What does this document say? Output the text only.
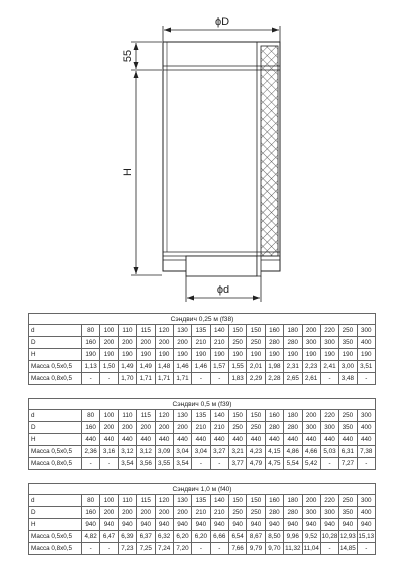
ϕD
55
H
ϕd
Сэндвич 0,25 м (f38)
d	80	100	110	115	120	130	135	140	150	150	160	180	200	220	250	300
D	160	200	200	200	200	200	210	210	250	250	280	280	300	300	350	400
H	190	190	190	190	190	190	190	190	190	190	190	190	190	190	190	190
Масса 0,5х0,5	1,13	1,50	1,49	1,49	1,48	1,46	1,46	1,57	1,55	2,01	1,98	2,31	2,23	2,41	3,00	3,51
Масса 0,8х0,5	-	-	1,70	1,71	1,71	1,71	-	-	1,83	2,29	2,28	2,65	2,61	-	3,48	-
Сэндвич 0,5 м (f39)
d	80	100	110	115	120	130	135	140	150	150	160	180	200	220	250	300
D	160	200	200	200	200	200	210	210	250	250	280	280	300	300	350	400
H	440	440	440	440	440	440	440	440	440	440	440	440	440	440	440	440
Масса 0,5х0,5	2,36	3,16	3,12	3,12	3,09	3,04	3,04	3,27	3,21	4,23	4,15	4,86	4,66	5,03	6,31	7,38
Масса 0,8х0,5	-	-	3,54	3,56	3,55	3,54	-	-	3,77	4,79	4,75	5,54	5,42	-	7,27	-
Сэндвич 1,0 м (f40)
d	80	100	110	115	120	130	135	140	150	150	160	180	200	220	250	300
D	160	200	200	200	200	200	210	210	250	250	280	280	300	300	350	400
H	940	940	940	940	940	940	940	940	940	940	940	940	940	940	940	940
Масса 0,5х0,5	4,82	6,47	6,39	6,37	6,32	6,20	6,20	6,66	6,54	8,67	8,50	9,96	9,52	10,28	12,93	15,13
Масса 0,8х0,5	-	-	7,23	7,25	7,24	7,20	-	-	7,66	9,79	9,70	11,32	11,04	-	14,85	-
